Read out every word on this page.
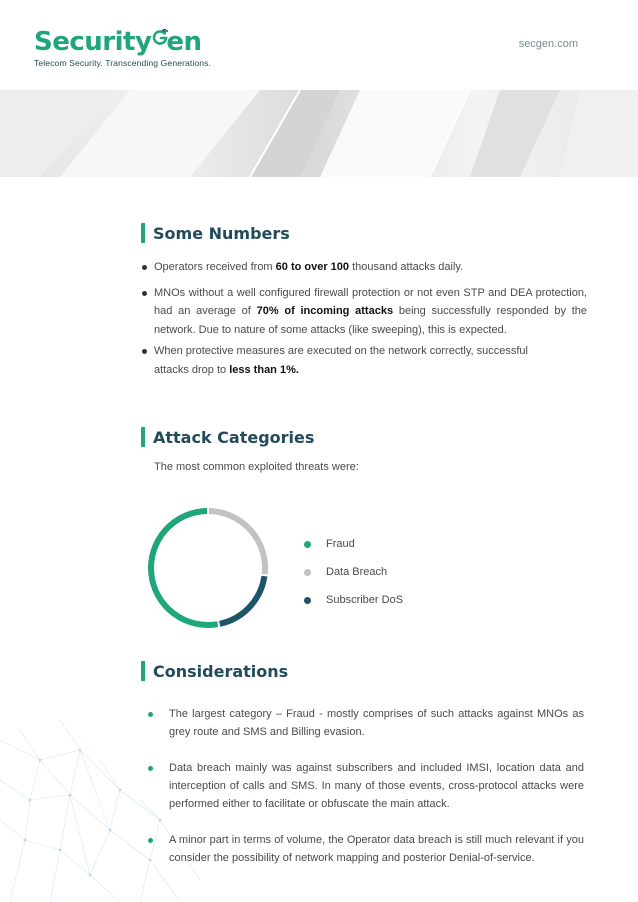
Security en
Telecom Security. Transcending Generations.
secgen.com
Some Numbers
Operators received from 60 to over 100 thousand attacks daily.
MNOs without a well configured firewall protection or not even STP and DEA protection, had an average of 70% of incoming attacks being successfully responded by the network. Due to nature of some attacks (like sweeping), this is expected.
When protective measures are executed on the network correctly, successful attacks drop to less than 1%.
Attack Categories
The most common exploited threats were:
Fraud
Data Breach
Subscriber DoS
Considerations
The largest category – Fraud - mostly comprises of such attacks against MNOs as grey route and SMS and Billing evasion.
Data breach mainly was against subscribers and included IMSI, location data and interception of calls and SMS. In many of those events, cross-protocol attacks were performed either to facilitate or obfuscate the main attack.
A minor part in terms of volume, the Operator data breach is still much relevant if you consider the possibility of network mapping and posterior Denial-of-service.
